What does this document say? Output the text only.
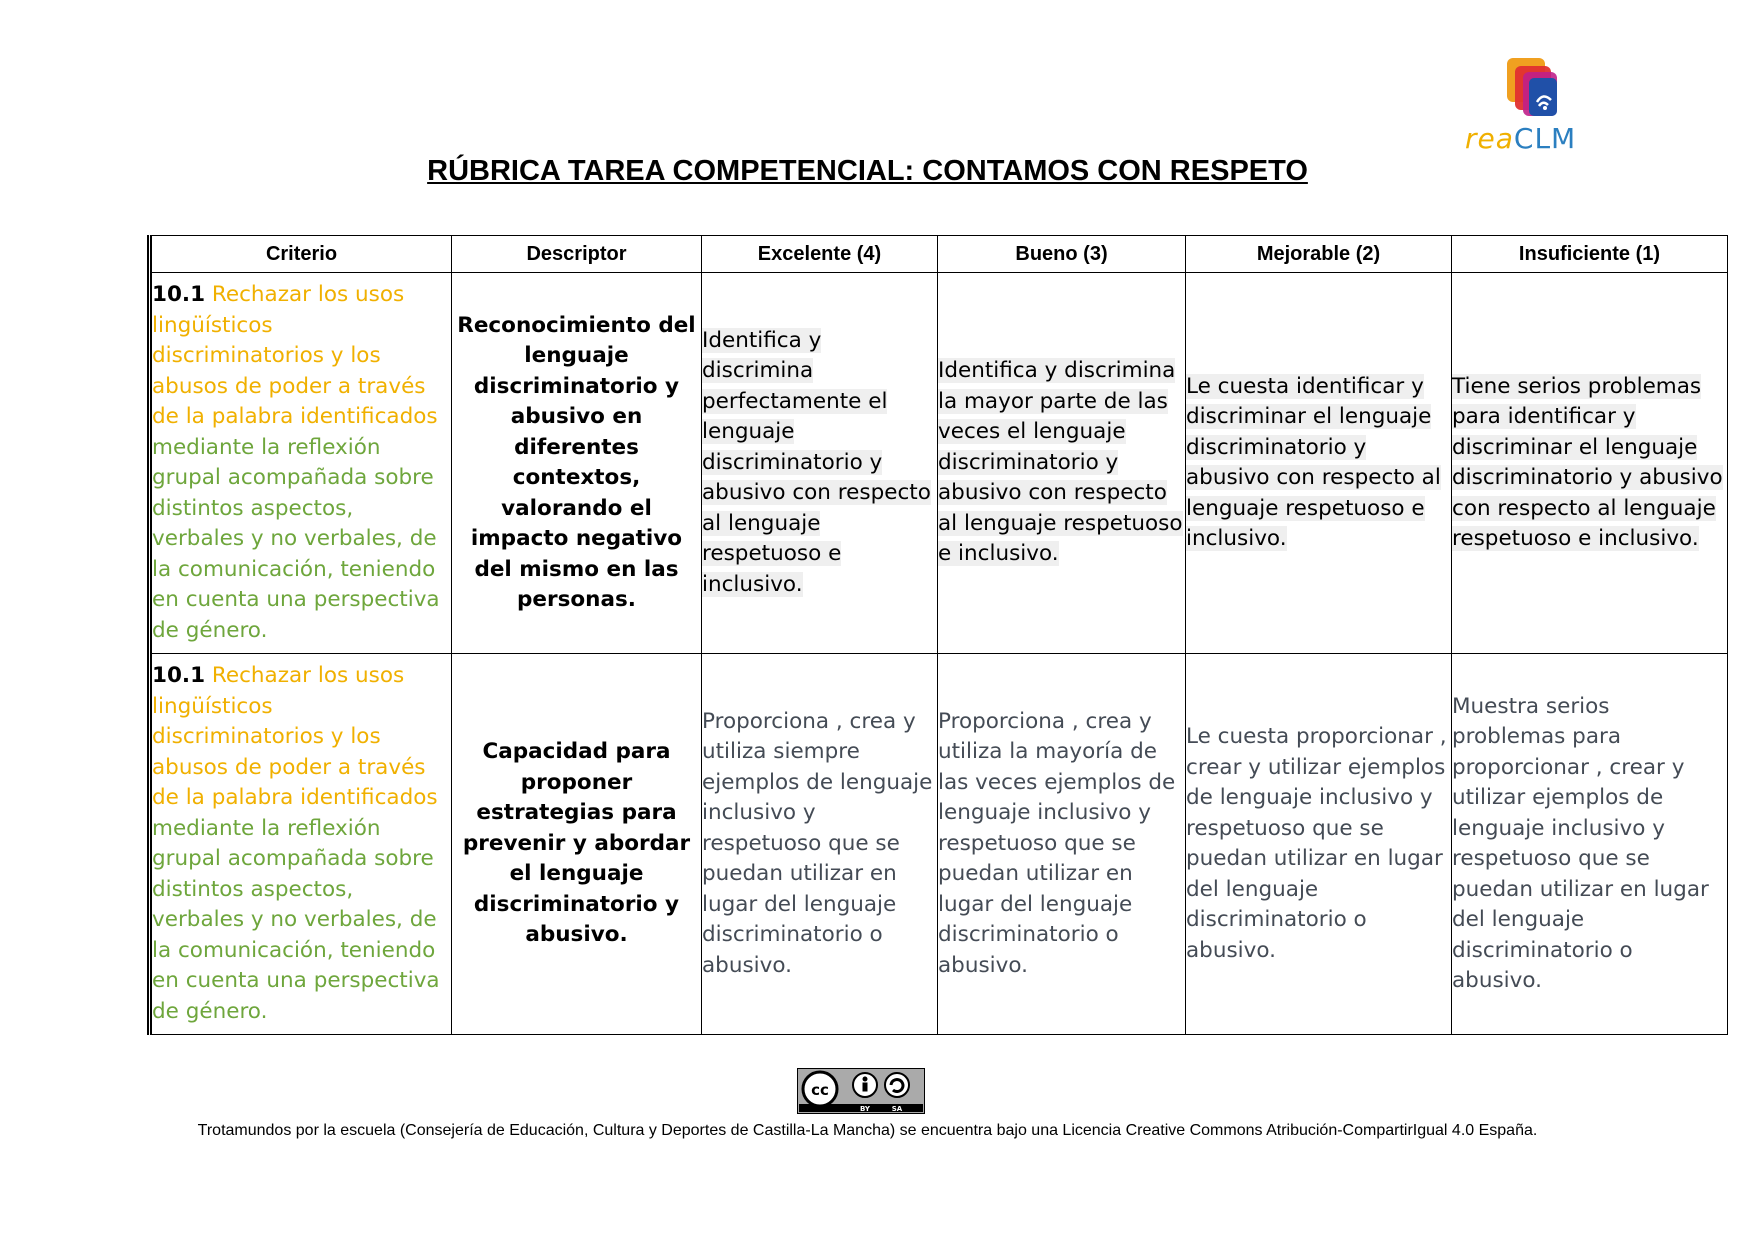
reaCLM
RÚBRICA TAREA COMPETENCIAL: CONTAMOS CON RESPETO
Criterio	Descriptor	Excelente (4)	Bueno (3)	Mejorable (2)	Insuficiente (1)
10.1 Rechazar los usos lingüísticos discriminatorios y los abusos de poder a través de la palabra identificados mediante la reflexión grupal acompañada sobre distintos aspectos, verbales y no verbales, de la comunicación, teniendo en cuenta una perspectiva de género.	Reconocimiento del lenguaje discriminatorio y abusivo en diferentes contextos, valorando el impacto negativo del mismo en las personas.	Identifica y discrimina perfectamente el lenguaje discriminatorio y abusivo con respecto al lenguaje respetuoso e inclusivo.	Identifica y discrimina la mayor parte de las veces el lenguaje discriminatorio y abusivo con respecto al lenguaje respetuoso e inclusivo.	Le cuesta identificar y discriminar el lenguaje discriminatorio y abusivo con respecto al lenguaje respetuoso e inclusivo.	Tiene serios problemas para identificar y discriminar el lenguaje discriminatorio y abusivo con respecto al lenguaje respetuoso e inclusivo.
10.1 Rechazar los usos lingüísticos discriminatorios y los abusos de poder a través de la palabra identificados mediante la reflexión grupal acompañada sobre distintos aspectos, verbales y no verbales, de la comunicación, teniendo en cuenta una perspectiva de género.	Capacidad para proponer estrategias para prevenir y abordar el lenguaje discriminatorio y abusivo.	Proporciona , crea y utiliza siempre ejemplos de lenguaje inclusivo y respetuoso que se puedan utilizar en lugar del lenguaje discriminatorio o abusivo.	Proporciona , crea y utiliza la mayoría de las veces ejemplos de lenguaje inclusivo y respetuoso que se puedan utilizar en lugar del lenguaje discriminatorio o abusivo.	Le cuesta proporcionar , crear y utilizar ejemplos de lenguaje inclusivo y respetuoso que se puedan utilizar en lugar del lenguaje discriminatorio o abusivo.	Muestra serios problemas para proporcionar , crear y utilizar ejemplos de lenguaje inclusivo y respetuoso que se puedan utilizar en lugar del lenguaje discriminatorio o abusivo.
cc
BY	SA
Trotamundos por la escuela (Consejería de Educación, Cultura y Deportes de Castilla-La Mancha) se encuentra bajo una Licencia Creative Commons Atribución-CompartirIgual 4.0 España.
